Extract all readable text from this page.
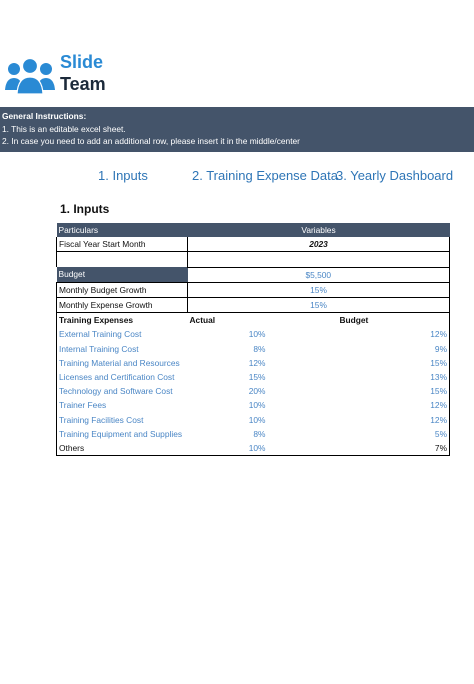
Slide
Team
General Instructions:
1. This is an editable excel sheet.
2. In case you need to add an additional row, please insert it in the middle/center
1. Inputs	2. Training Expense Data
3. Yearly Dashboard
1. Inputs
Particulars	Variables	
Fiscal Year Start Month	2023	

Budget	$5,500	
Monthly Budget Growth	15%	
Monthly Expense Growth	15%	
Training Expenses	Actual	Budget
External Training Cost	10%	12%
Internal Training Cost	8%	9%
Training Material and Resources	12%	15%
Licenses and Certification Cost	15%	13%
Technology and Software Cost	20%	15%
Trainer Fees	10%	12%
Training Facilities Cost	10%	12%
Training Equipment and Supplies	8%	5%
Others	10%	7%
